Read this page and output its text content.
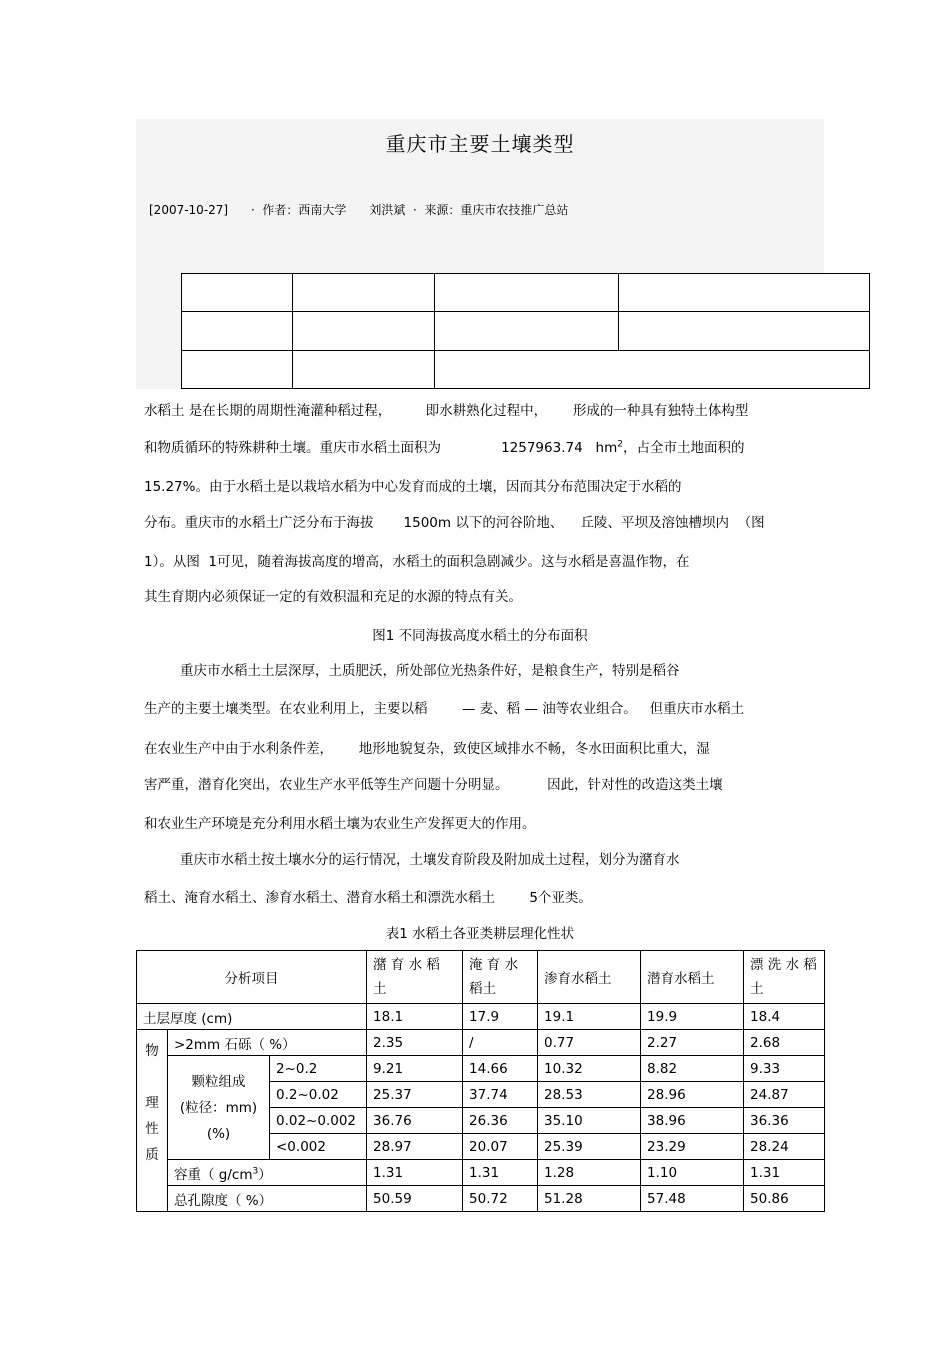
重庆市主要土壤类型
[2007-10-27]      ·  作者：西南大学      刘洪斌  ·  来源：重庆市农技推广总站

水稻土 是在长期的周期性淹灌种稻过程，        即水耕熟化过程中，      形成的一种具有独特土体构型
和物质循环的特殊耕种土壤。重庆市水稻土面积为              1257963.74   $hm^2$，占全市土地面积的
15.27%。由于水稻土是以栽培水稻为中心发育而成的土壤，因而其分布范围决定于水稻的
分布。重庆市的水稻土广泛分布于海拔       1500m 以下的河谷阶地、    丘陵、平坝及溶蚀槽坝内  （图
1）。从图  1可见，随着海拔高度的增高，水稻土的面积急剧减少。这与水稻是喜温作物，在
其生育期内必须保证一定的有效积温和充足的水源的特点有关。
图1 不同海拔高度水稻土的分布面积
重庆市水稻土土层深厚，土质肥沃，所处部位光热条件好，是粮食生产，特别是稻谷
生产的主要土壤类型。在农业利用上，主要以稻        — 麦、稻 — 油等农业组合。   但重庆市水稻土
在农业生产中由于水利条件差，      地形地貌复杂，致使区域排水不畅，冬水田面积比重大，湿
害严重，潜育化突出，农业生产水平低等生产问题十分明显。         因此，针对性的改造这类土壤
和农业生产环境是充分利用水稻土壤为农业生产发挥更大的作用。
重庆市水稻土按土壤水分的运行情况，土壤发育阶段及附加成土过程，划分为潴育水
稻土、淹育水稻土、渗育水稻土、潜育水稻土和漂洗水稻土        5个亚类。
表1 水稻土各亚类耕层理化性状
分析项目			潴 育 水 稻 土	淹 育 水 稻土	渗育水稻土	潜育水稻土	漂 洗 水 稻土
土层厚度 (cm)			18.1	17.9	19.1	19.9	18.4
物

理
性
质	>2mm 石砾（ %）		2.35	/	0.77	2.27	2.68
	颗粒组成
(粒径：mm)
(%)	2~0.2	9.21	14.66	10.32	8.82	9.33
		0.2~0.02	25.37	37.74	28.53	28.96	24.87
		0.02~0.002	36.76	26.36	35.10	38.96	36.36
		<0.002	28.97	20.07	25.39	23.29	28.24
	容重（ $g/cm^3$）		1.31	1.31	1.28	1.10	1.31
	总孔隙度（ %）		50.59	50.72	51.28	57.48	50.86
